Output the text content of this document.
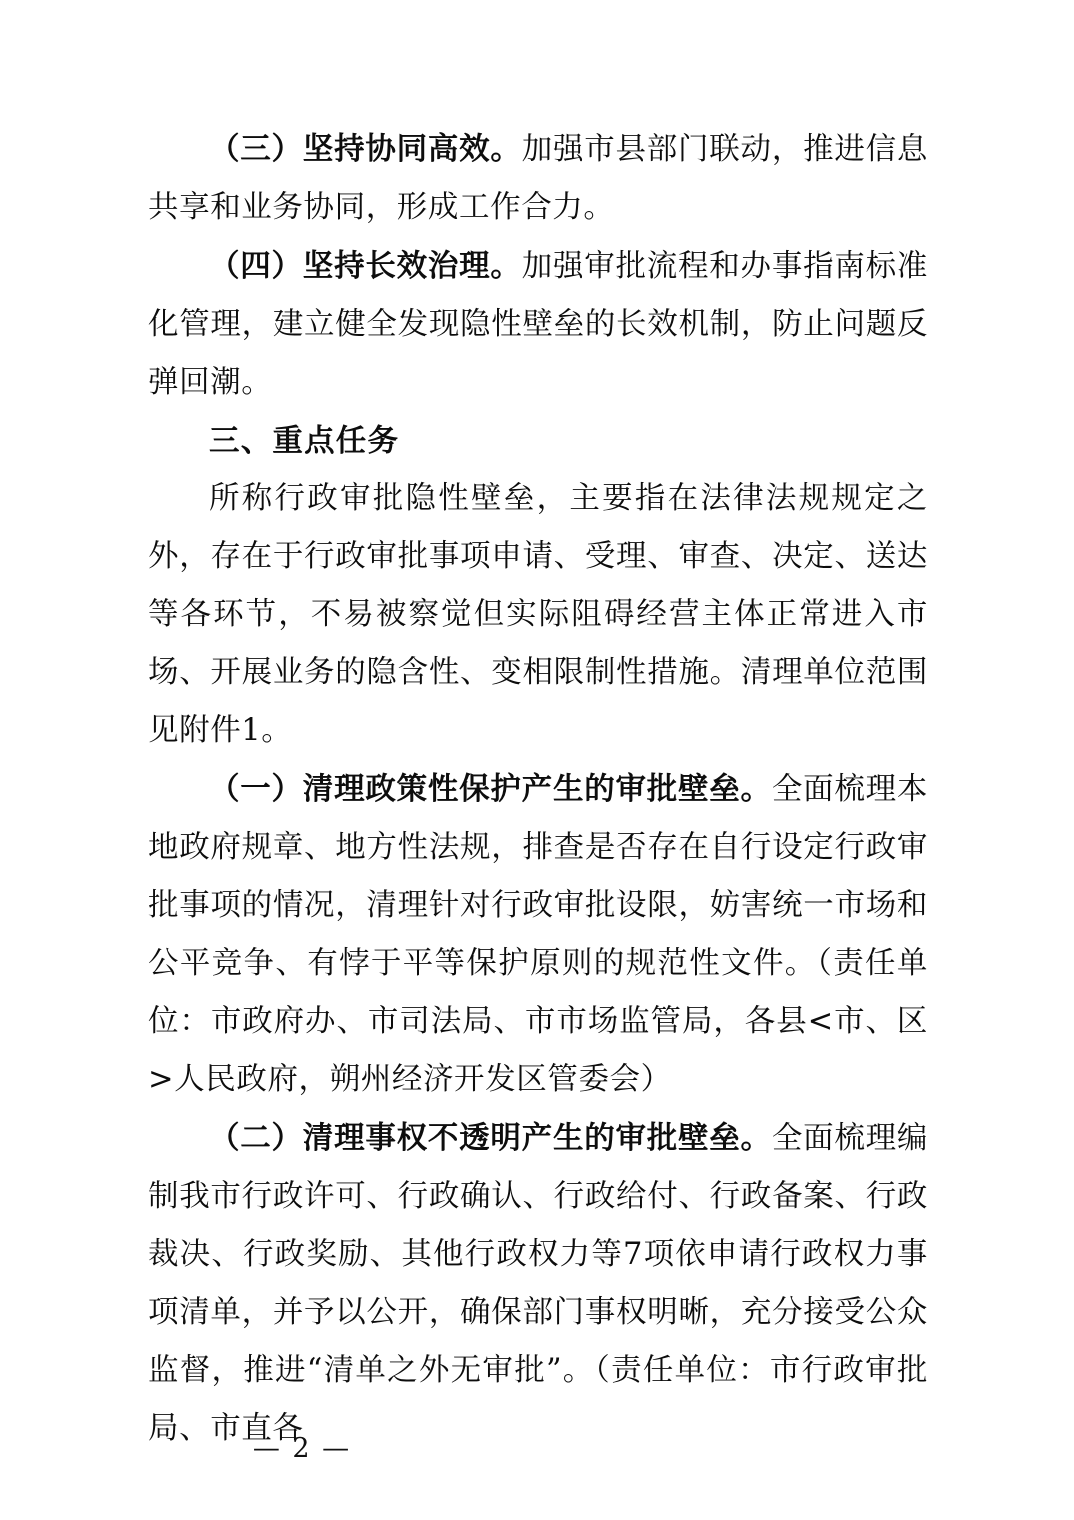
（三）坚持协同高效。加强市县部门联动，推进信息共享和业务协同，形成工作合力。

（四）坚持长效治理。加强审批流程和办事指南标准化管理，建立健全发现隐性壁垒的长效机制，防止问题反弹回潮。

三、重点任务

所称行政审批隐性壁垒，主要指在法律法规规定之外，存在于行政审批事项申请、受理、审查、决定、送达等各环节，不易被察觉但实际阻碍经营主体正常进入市场、开展业务的隐含性、变相限制性措施。清理单位范围见附件1。

（一）清理政策性保护产生的审批壁垒。全面梳理本地政府规章、地方性法规，排查是否存在自行设定行政审批事项的情况，清理针对行政审批设限，妨害统一市场和公平竞争、有悖于平等保护原则的规范性文件。（责任单位：市政府办、市司法局、市市场监管局，各县<市、区>人民政府，朔州经济开发区管委会）

（二）清理事权不透明产生的审批壁垒。全面梳理编制我市行政许可、行政确认、行政给付、行政备案、行政裁决、行政奖励、其他行政权力等7项依申请行政权力事项清单，并予以公开，确保部门事权明晰，充分接受公众监督，推进“清单之外无审批”。（责任单位：市行政审批局、市直各

— 2 —
